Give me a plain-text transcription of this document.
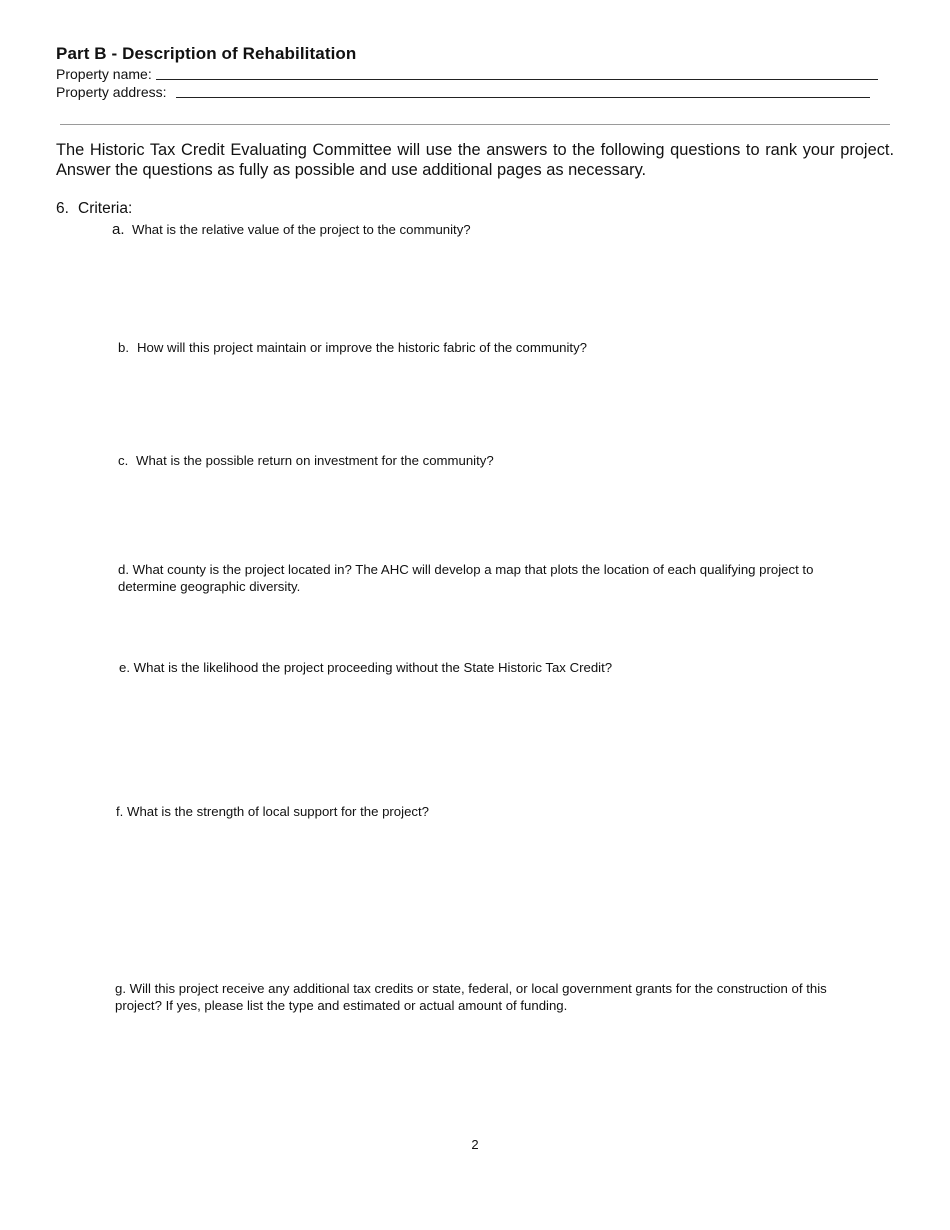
Part B - Description of Rehabilitation
Property name:
Property address:

The Historic Tax Credit Evaluating Committee will use the answers to the following questions to rank your project. Answer the questions as fully as possible and use additional pages as necessary.

6. Criteria:

a. What is the relative value of the project to the community?

b. How will this project maintain or improve the historic fabric of the community?

c. What is the possible return on investment for the community?

d. What county is the project located in? The AHC will develop a map that plots the location of each qualifying project to determine geographic diversity.

e. What is the likelihood the project proceeding without the State Historic Tax Credit?

f. What is the strength of local support for the project?

g. Will this project receive any additional tax credits or state, federal, or local government grants for the construction of this project? If yes, please list the type and estimated or actual amount of funding.

2
